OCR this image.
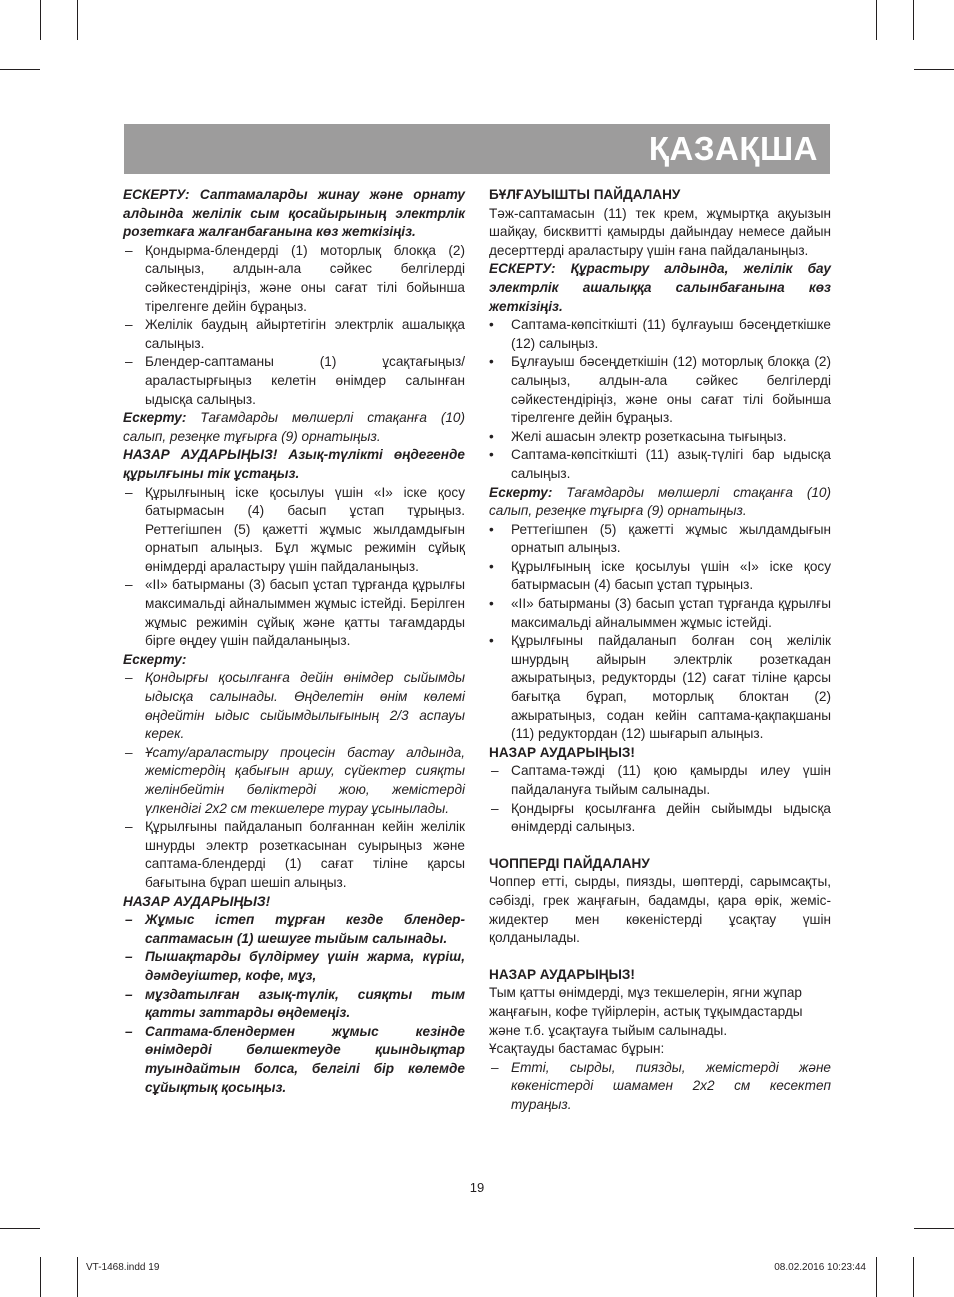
ҚАЗАҚША

ЕСКЕРТУ: Саптамаларды жинау және орнату алдында желілік сым қосайырының электрлік розеткаға жалғанбағанына көз жеткізіңіз.

– Қондырма-блендерді (1) моторлық блокқа (2) салыңыз, алдын-ала сәйкес белгілерді сәйкестендіріңіз, және оны сағат тілі бойынша тірелгенге дейін бұраңыз.
– Желілік баудың айыртетігін электрлік ашалыққа салыңыз.
– Блендер-саптаманы (1) ұсақтағыңыз/араластырғыңыз келетін өнімдер салынған ыдысқа салыңыз.

Ескерту: Тағамдарды мөлшерлі стақанға (10) салып, резеңке тұғырға (9) орнатыңыз.

НАЗАР АУДАРЫҢЫЗ! Азық-түлікті өңдегенде құрылғыны тік ұстаңыз.

– Құрылғының іске қосылуы үшін «I» іске қосу батырмасын (4) басып ұстап тұрыңыз. Реттегішпен (5) қажетті жұмыс жылдамдығын орнатып алыңыз. Бұл жұмыс режимін сұйық өнімдерді араластыру үшін пайдаланыңыз.
– «II» батырманы (3) басып ұстап тұрғанда құрылғы максимальді айналыммен жұмыс істейді. Берілген жұмыс режимін сұйық және қатты тағамдарды бірге өңдеу үшін пайдаланыңыз.

Ескерту:

– Қондырғы қосылғанға дейін өнімдер сыйымды ыдысқа салынады. Өңделетін өнім көлемі өңдейтін ыдыс сыйымдылығының 2/3 аспауы керек.
– Ұсату/араластыру процесін бастау алдында, жемістердің қабығын аршу, сүйектер сияқты желінбейтін бөліктерді жою, жемістерді үлкендігі 2х2 см текшелере турау ұсынылады.
– Құрылғыны пайдаланып болғаннан кейін желілік шнурды электр розеткасынан суырыңыз және саптама-блендерді (1) сағат тіліне қарсы бағытына бұрап шешіп алыңыз.

НАЗАР АУДАРЫҢЫЗ!

– Жұмыс істеп тұрған кезде блендер-саптамасын (1) шешуге тыйым салынады.
– Пышақтарды бүлдірмеу үшін жарма, күріш, дәмдеуіштер, кофе, мұз,
– мұздатылған азық-түлік, сияқты тым қатты заттарды өңдемеңіз.
– Саптама-блендермен жұмыс кезінде өнімдерді бөлшектеуде қиындықтар туындайтын болса, белгілі бір көлемде сұйықтық қосыңыз.

БҰЛҒАУЫШТЫ ПАЙДАЛАНУ

Тәж-саптамасын (11) тек крем, жұмыртқа ақуызын шайқау, бисквитті қамырды дайындау немесе дайын десерттерді араластыру үшін ғана пайдаланыңыз.

ЕСКЕРТУ: Құрастыру алдында, желілік бау электрлік ашалыққа салынбағанына көз жеткізіңіз.

• Саптама-көпсіткішті (11) бұлғауыш бәсеңдеткішке (12) салыңыз.
• Бұлғауыш бәсеңдеткішін (12) моторлық блокқа (2) салыңыз, алдын-ала сәйкес белгілерді сәйкестендіріңіз, және оны сағат тілі бойынша тірелгенге дейін бұраңыз.
• Желі ашасын электр розеткасына тығыңыз.
• Саптама-көпсіткішті (11) азық-түлігі бар ыдысқа салыңыз.

Ескерту: Тағамдарды мөлшерлі стақанға (10) салып, резеңке тұғырға (9) орнатыңыз.

• Реттегішпен (5) қажетті жұмыс жылдамдығын орнатып алыңыз.
• Құрылғының іске қосылуы үшін «I» іске қосу батырмасын (4) басып ұстап тұрыңыз.
• «II» батырманы (3) басып ұстап тұрғанда құрылғы максимальді айналыммен жұмыс істейді.
• Құрылғыны пайдаланып болған соң желілік шнурдың айырын электрлік розеткадан ажыратыңыз, редукторды (12) сағат тіліне қарсы бағытқа бұрап, моторлық блоктан (2) ажыратыңыз, содан кейін саптама-қақпақшаны (11) редуктордан (12) шығарып алыңыз.

НАЗАР АУДАРЫҢЫЗ!

– Саптама-тәжді (11) қою қамырды илеу үшін пайдалануға тыйым салынады.
– Қондырғы қосылғанға дейін сыйымды ыдысқа өнімдерді салыңыз.

ЧОППЕРДІ ПАЙДАЛАНУ

Чоппер етті, сырды, пиязды, шөптерді, сарымсақты, сәбізді, грек жаңғағын, бадамды, қара өрік, жеміс-жидектер мен көкеністерді ұсақтау үшін қолданылады.

НАЗАР АУДАРЫҢЫЗ!

Тым қатты өнімдерді, мұз текшелерін, ягни жұпар жаңғағын, кофе түйірлерін, астық тұқымдастарды және т.б. ұсақтауға тыйым салынады.

Ұсақтауды бастамас бұрын:

– Етті, сырды, пиязды, жемістерді және көкеністерді шамамен 2х2 см кесектеп тураңыз.
19
VT-1468.indd 19	08.02.2016 10:23:44
